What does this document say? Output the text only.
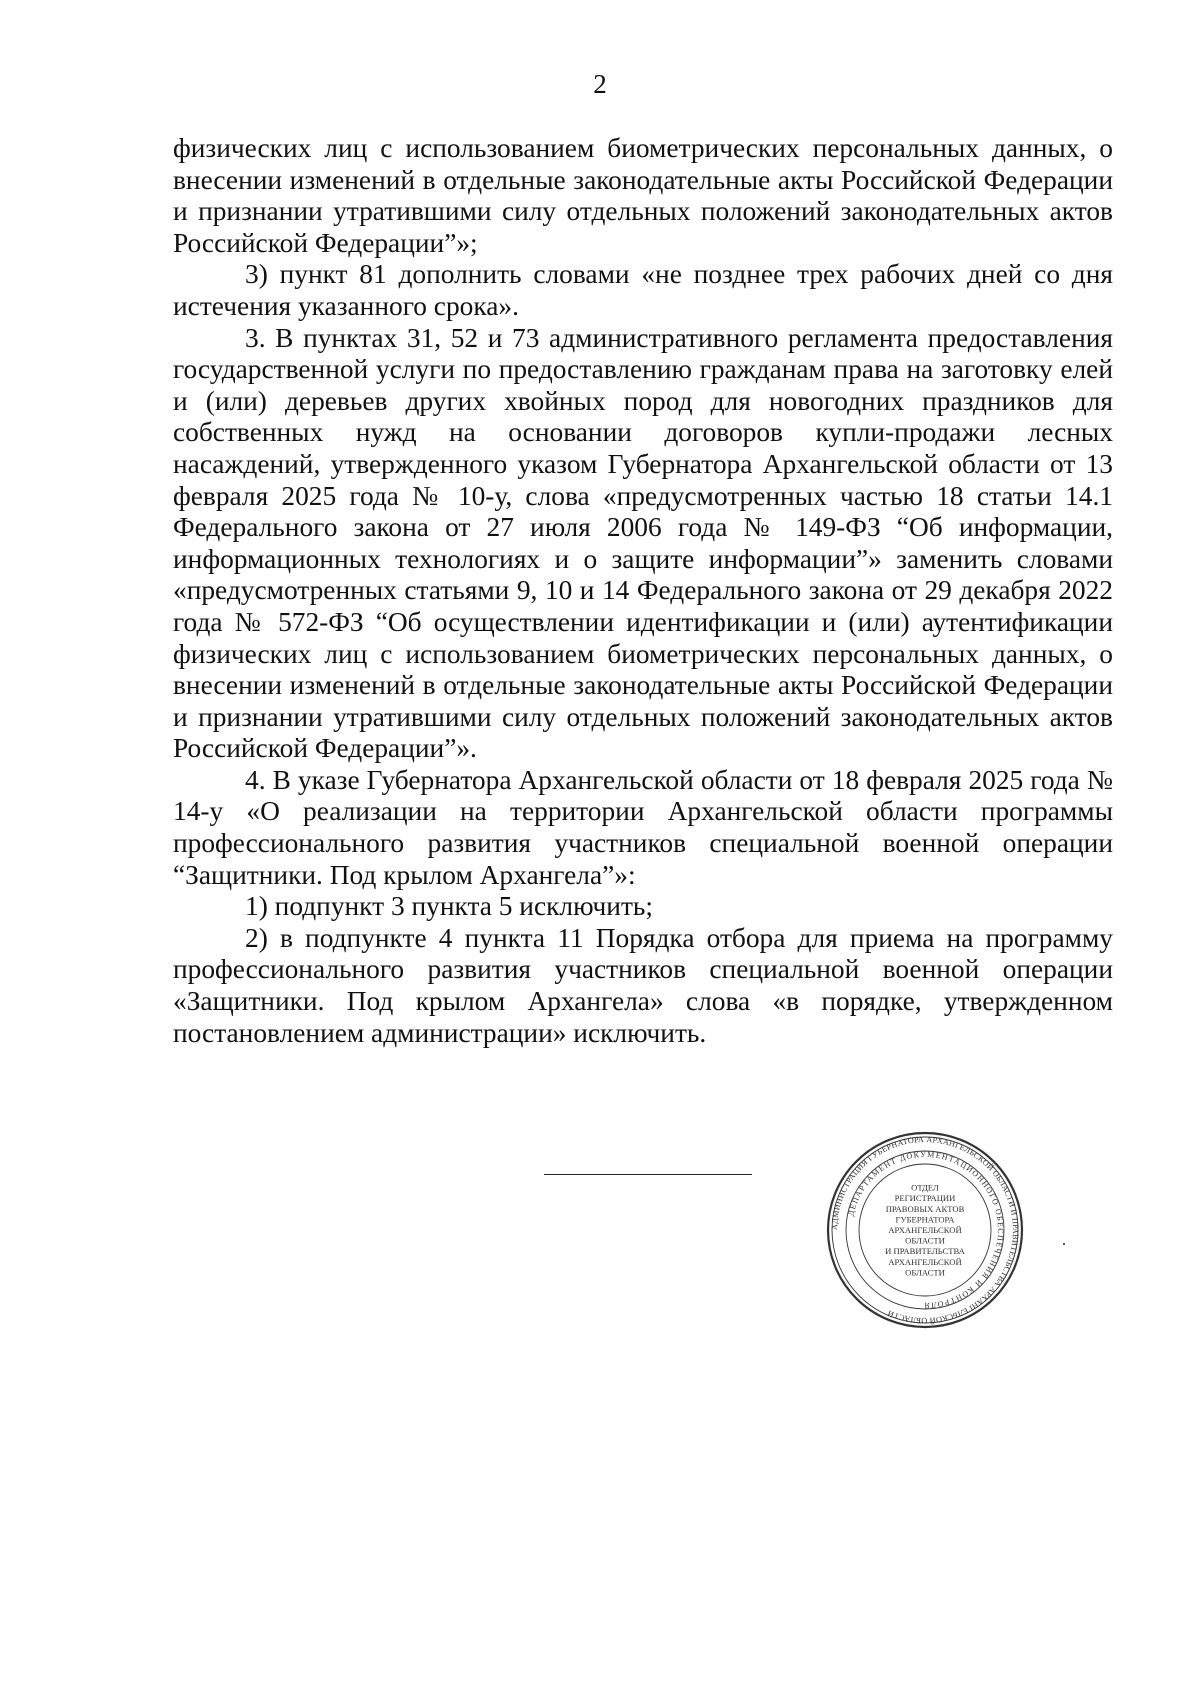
2

физических лиц с использованием биометрических персональных данных, о внесении изменений в отдельные законодательные акты Российской Федерации и признании утратившими силу отдельных положений законодательных актов Российской Федерации”»;

3) пункт 81 дополнить словами «не позднее трех рабочих дней со дня истечения указанного срока».

3. В пунктах 31, 52 и 73 административного регламента предоставления государственной услуги по предоставлению гражданам права на заготовку елей и (или) деревьев других хвойных пород для новогодних праздников для собственных нужд на основании договоров купли-продажи лесных насаждений, утвержденного указом Губернатора Архангельской области от 13 февраля 2025 года № 10-у, слова «предусмотренных частью 18 статьи 14.1 Федерального закона от 27 июля 2006 года № 149-ФЗ “Об информации, информационных технологиях и о защите информации”» заменить словами «предусмотренных статьями 9, 10 и 14 Федерального закона от 29 декабря 2022 года № 572-ФЗ “Об осуществлении идентификации и (или) аутентификации физических лиц с использованием биометрических персональных данных, о внесении изменений в отдельные законодательные акты Российской Федерации и признании утратившими силу отдельных положений законодательных актов Российской Федерации”».

4. В указе Губернатора Архангельской области от 18 февраля 2025 года № 14-у «О реализации на территории Архангельской области программы профессионального развития участников специальной военной операции “Защитники. Под крылом Архангела”»:

1) подпункт 3 пункта 5 исключить;

2) в подпункте 4 пункта 11 Порядка отбора для приема на программу профессионального развития участников специальной военной операции «Защитники. Под крылом Архангела» слова «в порядке, утвержденном постановлением администрации» исключить.

АДМИНИСТРАЦИЯ ГУБЕРНАТОРА АРХАНГЕЛЬСКОЙ ОБЛАСТИ И ПРАВИТЕЛЬСТВА АРХАНГЕЛЬСКОЙ ОБЛАСТИ
ДЕПАРТАМЕНТ ДОКУМЕНТАЦИОННОГО ОБЕСПЕЧЕНИЯ И КОНТРОЛЯ
ОТДЕЛ
РЕГИСТРАЦИИ
ПРАВОВЫХ АКТОВ
ГУБЕРНАТОРА
АРХАНГЕЛЬСКОЙ
ОБЛАСТИ
И ПРАВИТЕЛЬСТВА
АРХАНГЕЛЬСКОЙ
ОБЛАСТИ
